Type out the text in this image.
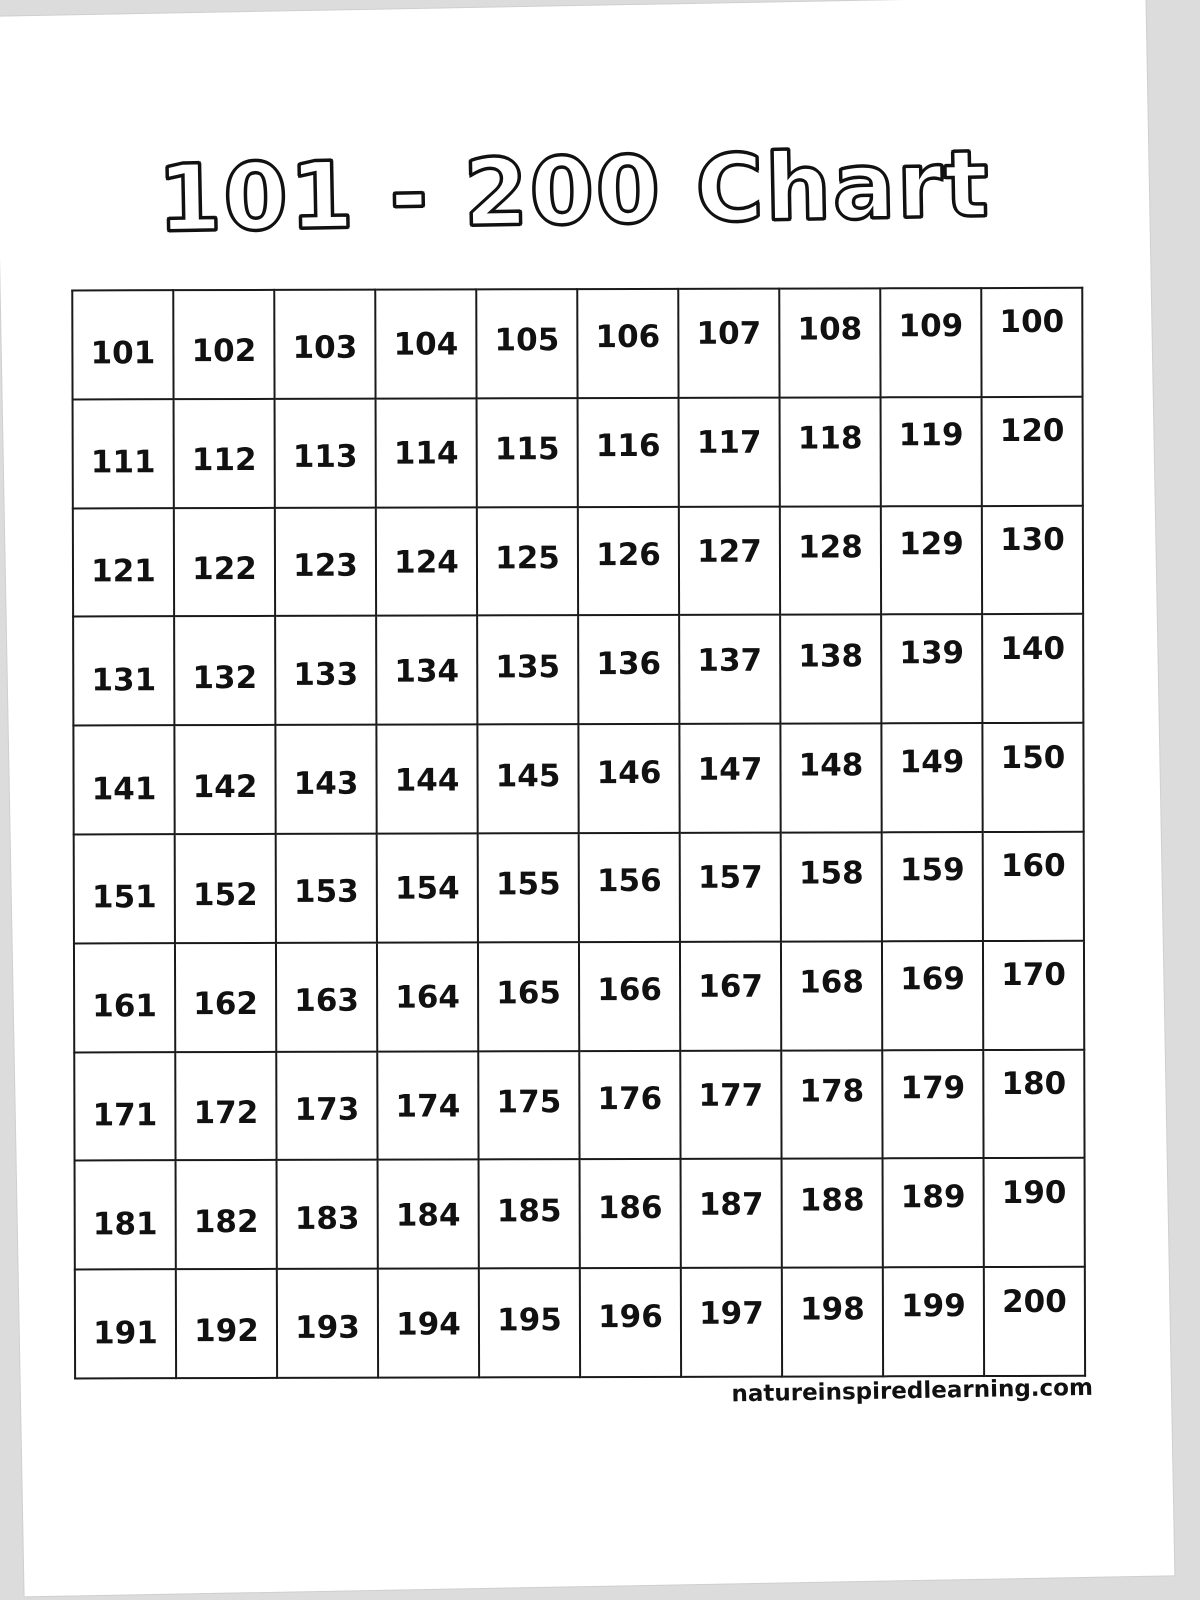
101 - 200 Chart
101	102	103	104	105	106	107	108	109	100
111	112	113	114	115	116	117	118	119	120
121	122	123	124	125	126	127	128	129	130
131	132	133	134	135	136	137	138	139	140
141	142	143	144	145	146	147	148	149	150
151	152	153	154	155	156	157	158	159	160
161	162	163	164	165	166	167	168	169	170
171	172	173	174	175	176	177	178	179	180
181	182	183	184	185	186	187	188	189	190
191	192	193	194	195	196	197	198	199	200
natureinspiredlearning.com
